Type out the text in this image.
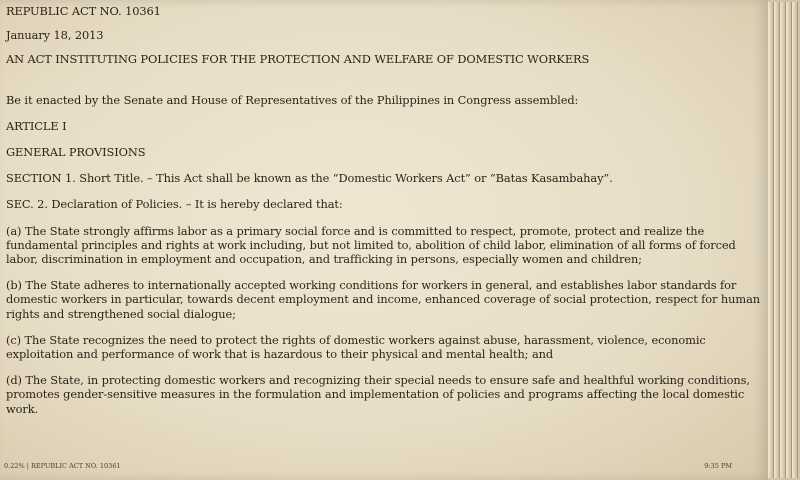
REPUBLIC ACT NO. 10361
January 18, 2013
AN ACT INSTITUTING POLICIES FOR THE PROTECTION AND WELFARE OF DOMESTIC WORKERS
Be it enacted by the Senate and House of Representatives of the Philippines in Congress assembled:
ARTICLE I
GENERAL PROVISIONS
SECTION 1. Short Title. – This Act shall be known as the “Domestic Workers Act” or “Batas Kasambahay”.
SEC. 2. Declaration of Policies. – It is hereby declared that:
(a) The State strongly affirms labor as a primary social force and is committed to respect, promote, protect and realize the fundamental principles and rights at work including, but not limited to, abolition of child labor, elimination of all forms of forced labor, discrimination in employment and occupation, and trafficking in persons, especially women and children;
(b) The State adheres to internationally accepted working conditions for workers in general, and establishes labor standards for domestic workers in particular, towards decent employment and income, enhanced coverage of social protection, respect for human rights and strengthened social dialogue;
(c) The State recognizes the need to protect the rights of domestic workers against abuse, harassment, violence, economic exploitation and performance of work that is hazardous to their physical and mental health; and
(d) The State, in protecting domestic workers and recognizing their special needs to ensure safe and healthful working conditions, promotes gender-sensitive measures in the formulation and implementation of policies and programs affecting the local domestic work.
0.22% | REPUBLIC ACT NO. 10361	9:35 PM
